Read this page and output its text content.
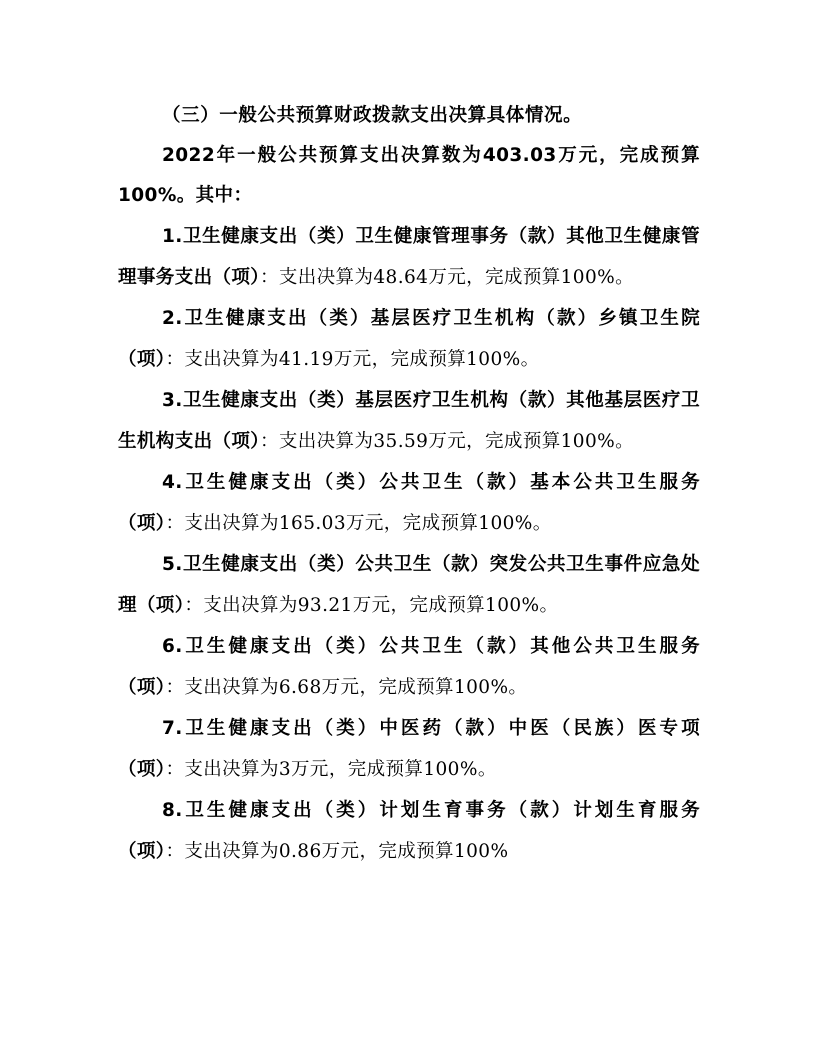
（三）一般公共预算财政拨款支出决算具体情况。

2022年一般公共预算支出决算数为403.03万元，完成预算100%。其中：

1.卫生健康支出（类）卫生健康管理事务（款）其他卫生健康管理事务支出（项）：支出决算为48.64万元，完成预算100%。

2.卫生健康支出（类）基层医疗卫生机构（款）乡镇卫生院（项）：支出决算为41.19万元，完成预算100%。

3.卫生健康支出（类）基层医疗卫生机构（款）其他基层医疗卫生机构支出（项）：支出决算为35.59万元，完成预算100%。

4.卫生健康支出（类）公共卫生（款）基本公共卫生服务（项）：支出决算为165.03万元，完成预算100%。

5.卫生健康支出（类）公共卫生（款）突发公共卫生事件应急处理（项）：支出决算为93.21万元，完成预算100%。

6.卫生健康支出（类）公共卫生（款）其他公共卫生服务（项）：支出决算为6.68万元，完成预算100%。

7.卫生健康支出（类）中医药（款）中医（民族）医专项（项）：支出决算为3万元，完成预算100%。

8.卫生健康支出（类）计划生育事务（款）计划生育服务（项）：支出决算为0.86万元，完成预算100%
